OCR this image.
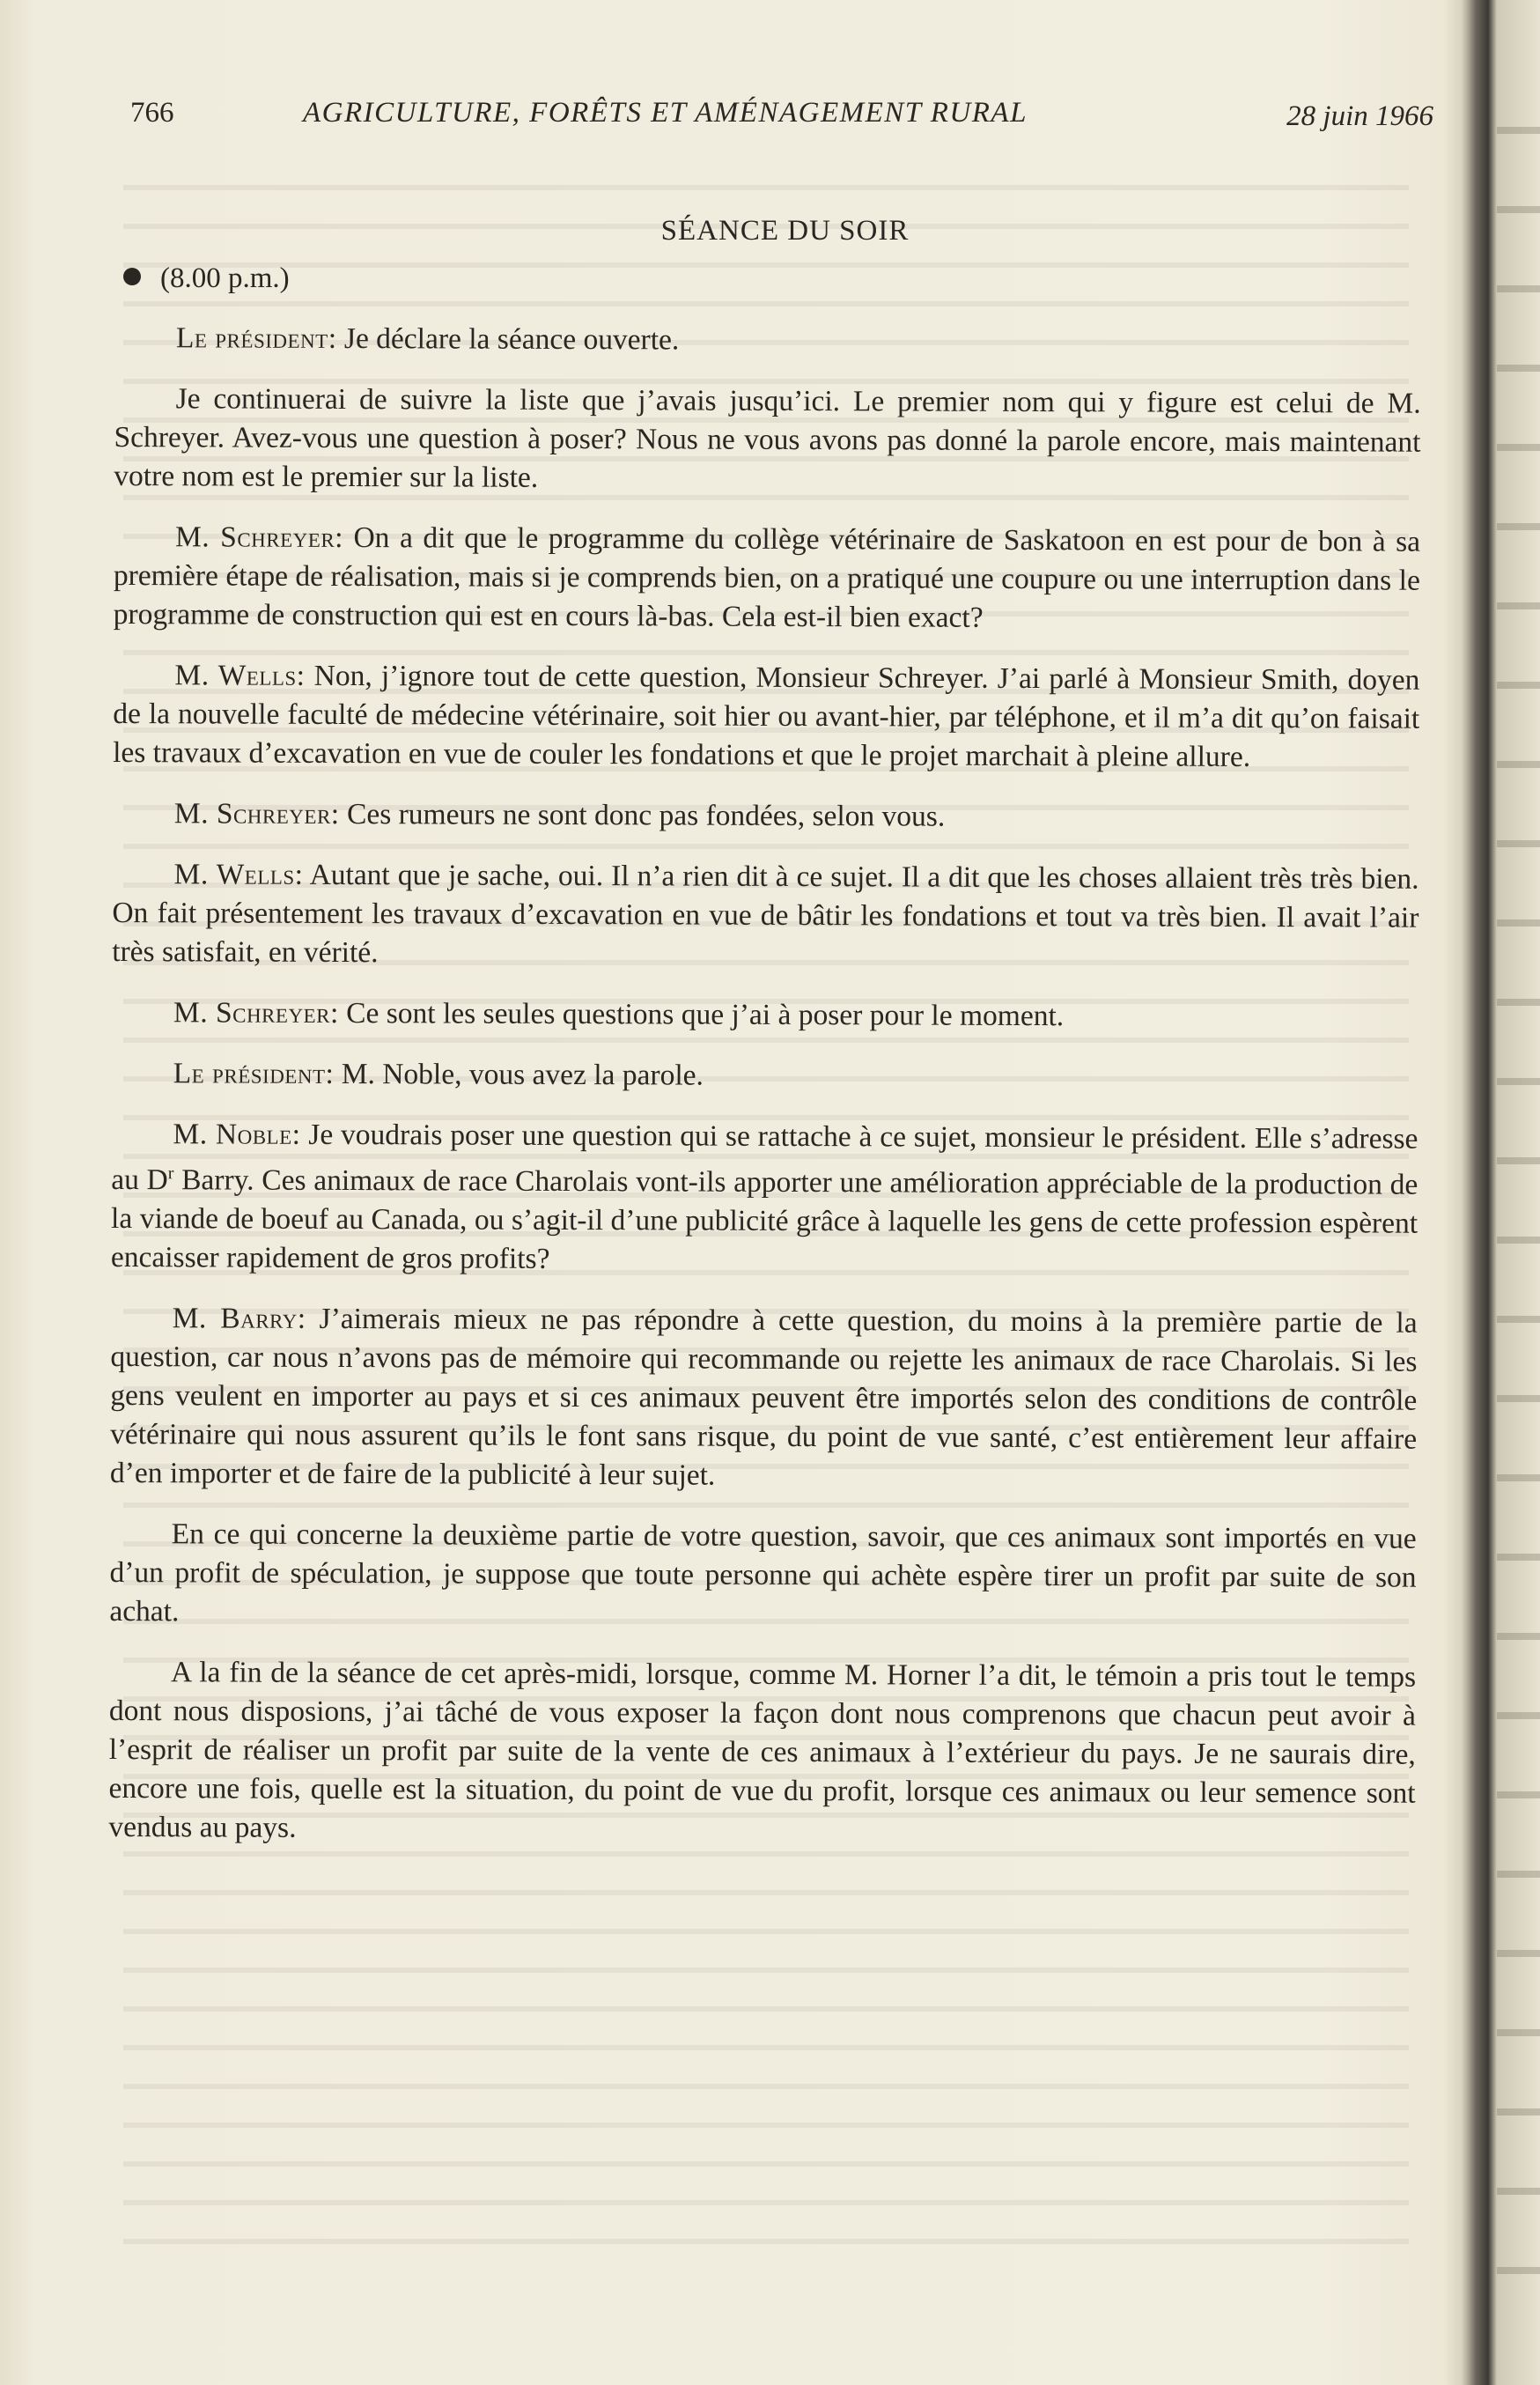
766	AGRICULTURE, FORÊTS ET AMÉNAGEMENT RURAL	28 juin 1966
SÉANCE DU SOIR
(8.00 p.m.)

Le président: Je déclare la séance ouverte.

Je continuerai de suivre la liste que j’avais jusqu’ici. Le premier nom qui y figure est celui de M. Schreyer. Avez-vous une question à poser? Nous ne vous avons pas donné la parole encore, mais maintenant votre nom est le premier sur la liste.

M. Schreyer: On a dit que le programme du collège vétérinaire de Saskatoon en est pour de bon à sa première étape de réalisation, mais si je comprends bien, on a pratiqué une coupure ou une interruption dans le programme de construction qui est en cours là-bas. Cela est-il bien exact?

M. Wells: Non, j’ignore tout de cette question, Monsieur Schreyer. J’ai parlé à Monsieur Smith, doyen de la nouvelle faculté de médecine vétérinaire, soit hier ou avant-hier, par téléphone, et il m’a dit qu’on faisait les travaux d’excavation en vue de couler les fondations et que le projet marchait à pleine allure.

M. Schreyer: Ces rumeurs ne sont donc pas fondées, selon vous.

M. Wells: Autant que je sache, oui. Il n’a rien dit à ce sujet. Il a dit que les choses allaient très très bien. On fait présentement les travaux d’excavation en vue de bâtir les fondations et tout va très bien. Il avait l’air très satisfait, en vérité.

M. Schreyer: Ce sont les seules questions que j’ai à poser pour le moment.

Le président: M. Noble, vous avez la parole.

M. Noble: Je voudrais poser une question qui se rattache à ce sujet, monsieur le président. Elle s’adresse au $D^r$ Barry. Ces animaux de race Charolais vont-ils apporter une amélioration appréciable de la production de la viande de boeuf au Canada, ou s’agit-il d’une publicité grâce à laquelle les gens de cette profession espèrent encaisser rapidement de gros profits?

M. Barry: J’aimerais mieux ne pas répondre à cette question, du moins à la première partie de la question, car nous n’avons pas de mémoire qui recommande ou rejette les animaux de race Charolais. Si les gens veulent en importer au pays et si ces animaux peuvent être importés selon des conditions de contrôle vétérinaire qui nous assurent qu’ils le font sans risque, du point de vue santé, c’est entièrement leur affaire d’en importer et de faire de la publicité à leur sujet.

En ce qui concerne la deuxième partie de votre question, savoir, que ces animaux sont importés en vue d’un profit de spéculation, je suppose que toute personne qui achète espère tirer un profit par suite de son achat.

A la fin de la séance de cet après-midi, lorsque, comme M. Horner l’a dit, le témoin a pris tout le temps dont nous disposions, j’ai tâché de vous exposer la façon dont nous comprenons que chacun peut avoir à l’esprit de réaliser un profit par suite de la vente de ces animaux à l’extérieur du pays. Je ne saurais dire, encore une fois, quelle est la situation, du point de vue du profit, lorsque ces animaux ou leur semence sont vendus au pays.
